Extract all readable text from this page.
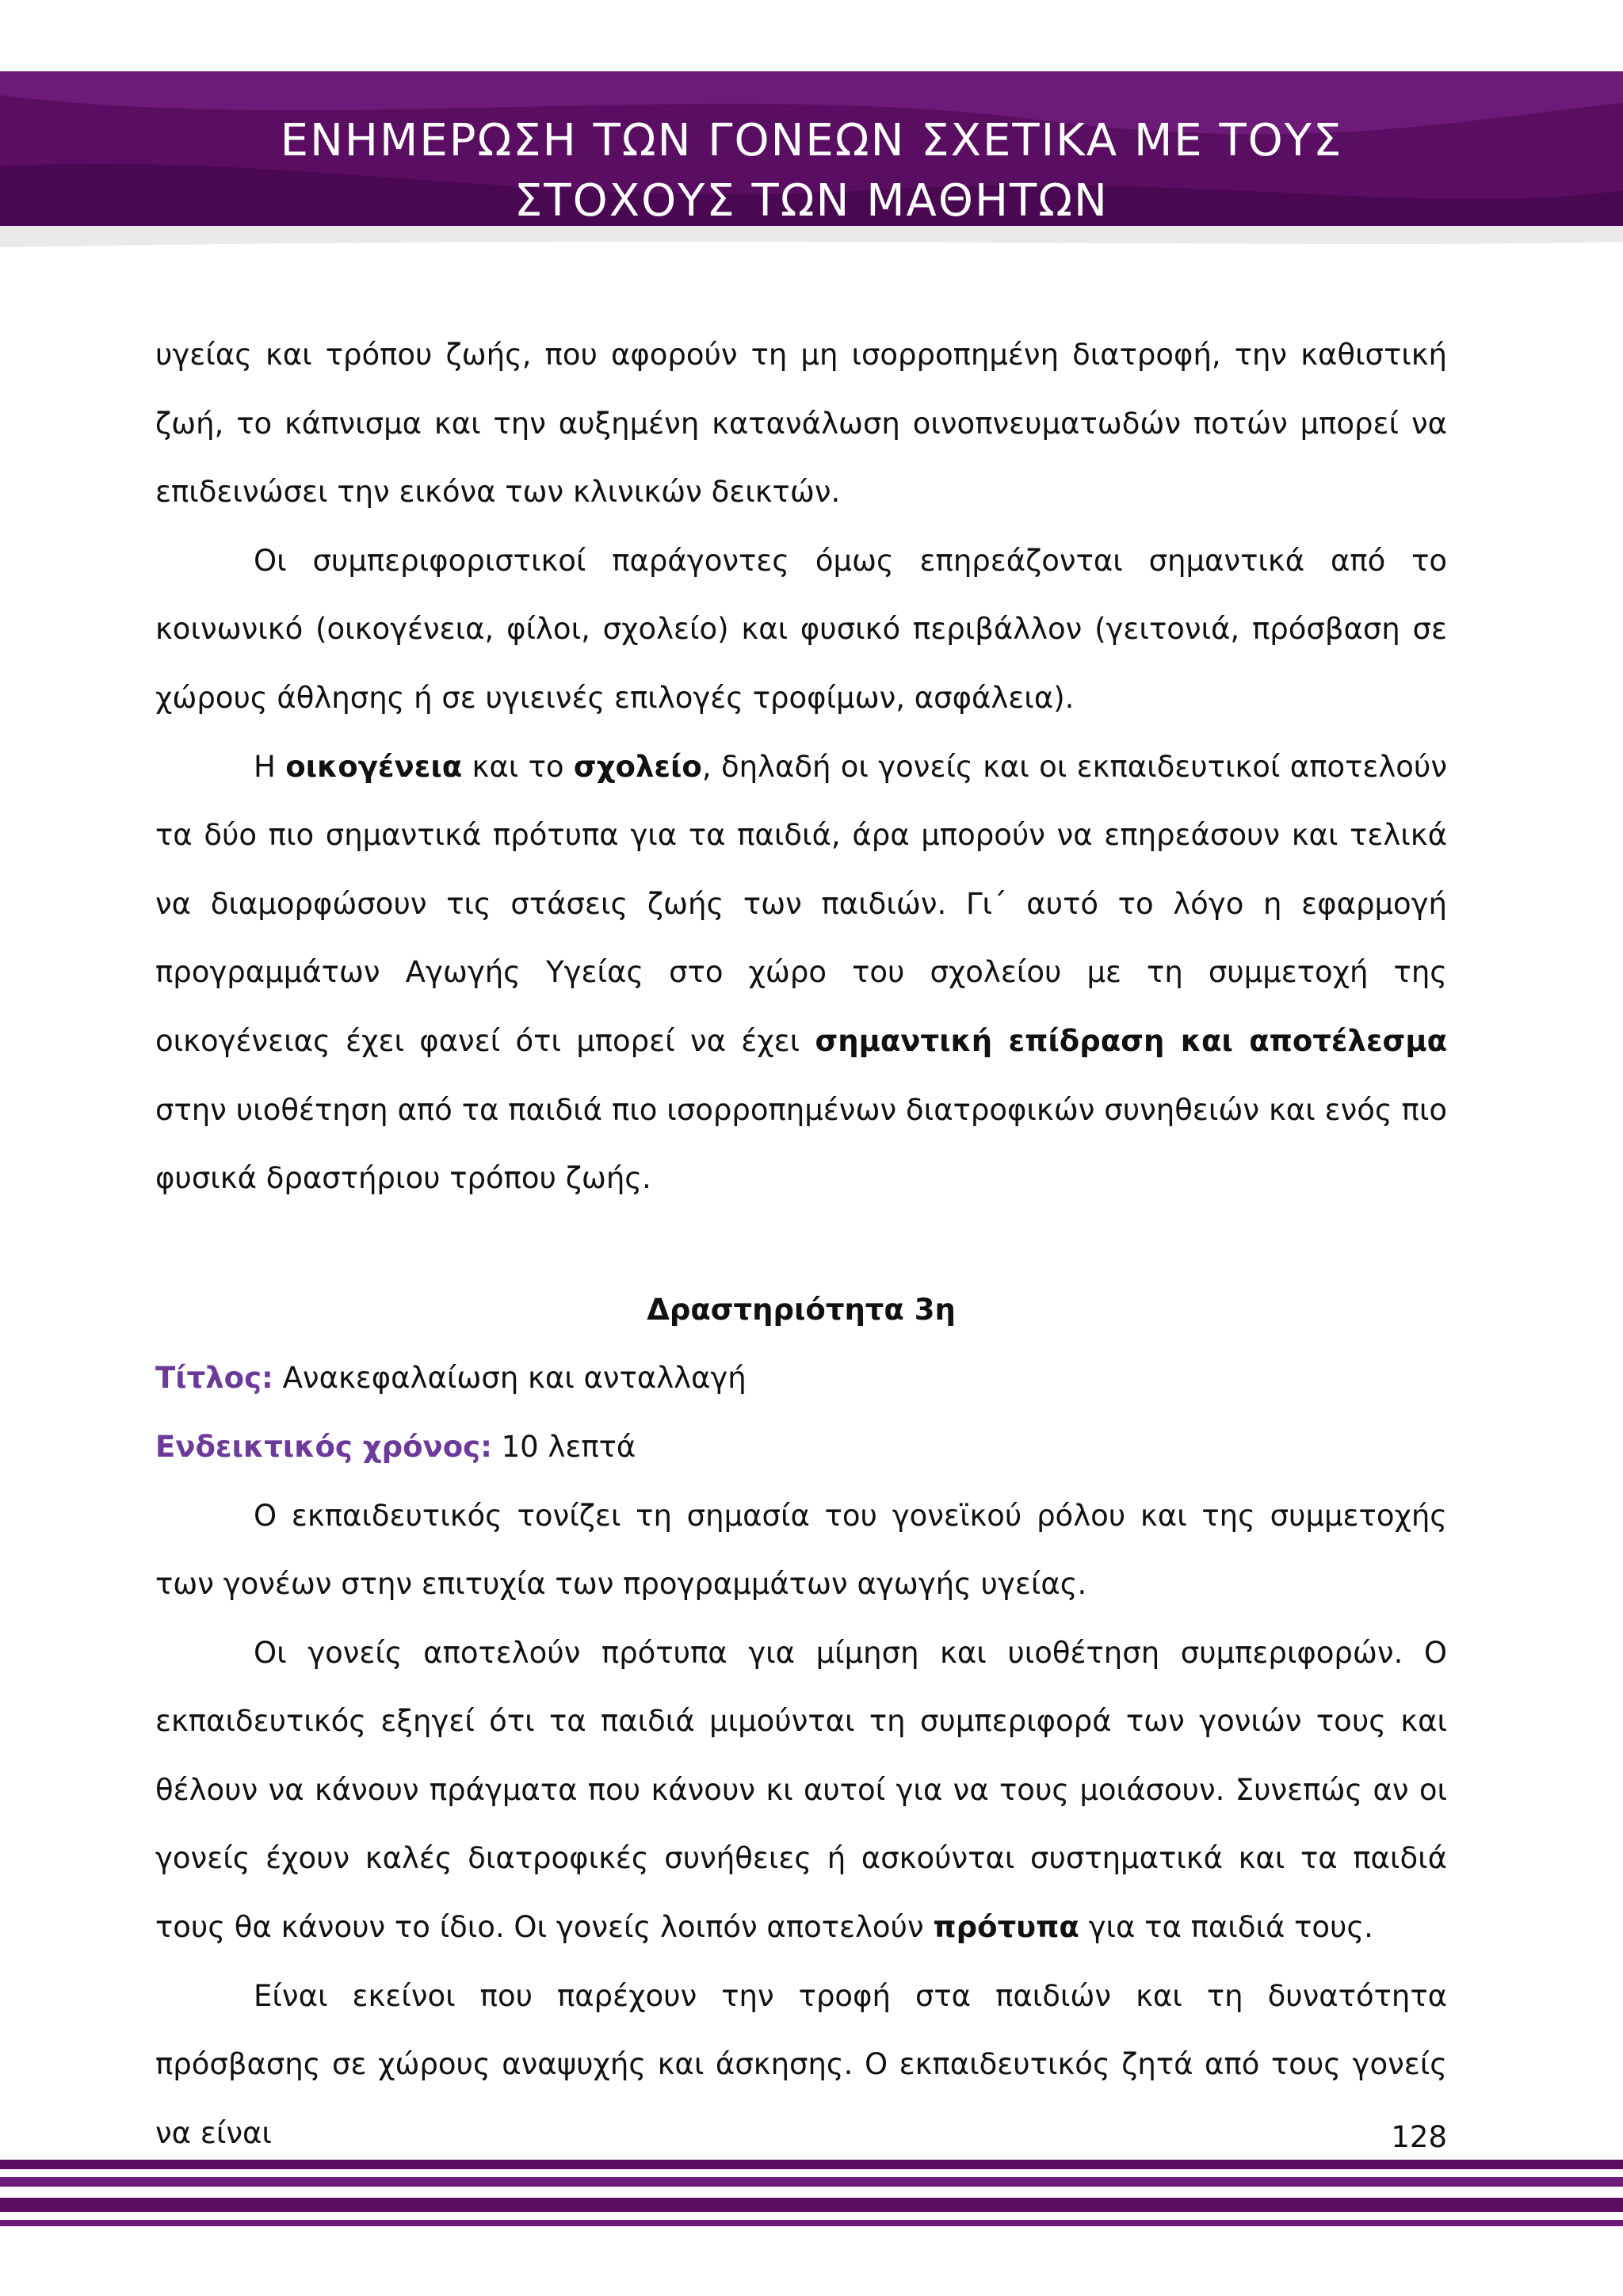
ΕΝΗΜΕΡΩΣΗ ΤΩΝ ΓΟΝΕΩΝ ΣΧΕΤΙΚΑ ΜΕ ΤΟΥΣ
ΣΤΟΧΟΥΣ ΤΩΝ ΜΑΘΗΤΩΝ

υγείας και τρόπου ζωής, που αφορούν τη μη ισορροπημένη διατροφή, την καθιστική ζωή, το κάπνισμα και την αυξημένη κατανάλωση οινοπνευματωδών ποτών μπορεί να επιδεινώσει την εικόνα των κλινικών δεικτών.

Οι συμπεριφοριστικοί παράγοντες όμως επηρεάζονται σημαντικά από το κοινωνικό (οικογένεια, φίλοι, σχολείο) και φυσικό περιβάλλον (γειτονιά, πρόσβαση σε χώρους άθλησης ή σε υγιεινές επιλογές τροφίμων, ασφάλεια).

Η οικογένεια και το σχολείο, δηλαδή οι γονείς και οι εκπαιδευτικοί αποτελούν τα δύο πιο σημαντικά πρότυπα για τα παιδιά, άρα μπορούν να επηρεάσουν και τελικά να διαμορφώσουν τις στάσεις ζωής των παιδιών. Γι΄ αυτό το λόγο η εφαρμογή προγραμμάτων Αγωγής Υγείας στο χώρο του σχολείου με τη συμμετοχή της οικογένειας έχει φανεί ότι μπορεί να έχει σημαντική επίδραση και αποτέλεσμα στην υιοθέτηση από τα παιδιά πιο ισορροπημένων διατροφικών συνηθειών και ενός πιο φυσικά δραστήριου τρόπου ζωής.

Δραστηριότητα 3η

Τίτλος: Ανακεφαλαίωση και ανταλλαγή

Ενδεικτικός χρόνος: 10 λεπτά

Ο εκπαιδευτικός τονίζει τη σημασία του γονεϊκού ρόλου και της συμμετοχής των γονέων στην επιτυχία των προγραμμάτων αγωγής υγείας.

Οι γονείς αποτελούν πρότυπα για μίμηση και υιοθέτηση συμπεριφορών. Ο εκπαιδευτικός εξηγεί ότι τα παιδιά μιμούνται τη συμπεριφορά των γονιών τους και θέλουν να κάνουν πράγματα που κάνουν κι αυτοί για να τους μοιάσουν. Συνεπώς αν οι γονείς έχουν καλές διατροφικές συνήθειες ή ασκούνται συστηματικά και τα παιδιά τους θα κάνουν το ίδιο. Οι γονείς λοιπόν αποτελούν πρότυπα για τα παιδιά τους.

Είναι εκείνοι που παρέχουν την τροφή στα παιδιών και τη δυνατότητα πρόσβασης σε χώρους αναψυχής και άσκησης. Ο εκπαιδευτικός ζητά από τους γονείς να είναι	128
